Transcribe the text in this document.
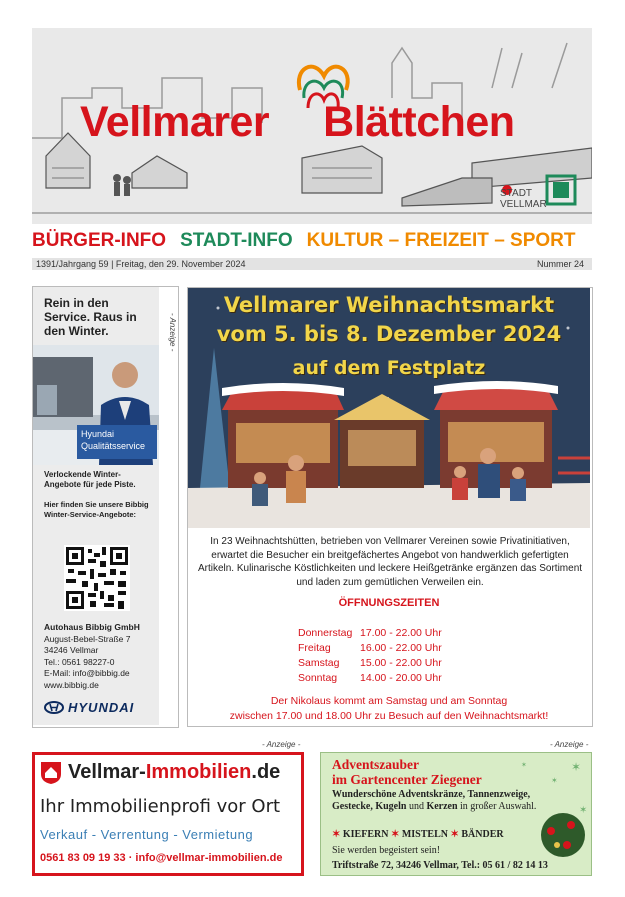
Vellmarer Blättchen
STADT
VELLMAR
BÜRGER-INFO STADT-INFO KULTUR – FREIZEIT – SPORT
1391/Jahrgang 59 | Freitag, den 29. November 2024	Nummer 24
- Anzeige -
Rein in den Service. Raus in den Winter.
Hyundai
Qualitätsservice
Verlockende Winter-Angebote für jede Piste.
Hier finden Sie unsere Bibbig Winter-Service-Angebote:
Autohaus Bibbig GmbH
August-Bebel-Straße 7
34246 Vellmar
Tel.: 0561 98227-0
E-Mail: info@bibbig.de
www.bibbig.de
HYUNDAI
Vellmarer Weihnachtsmarkt
vom 5. bis 8. Dezember 2024
auf dem Festplatz
In 23 Weihnachtshütten, betrieben von Vellmarer Vereinen sowie Privatinitiativen, erwartet die Besucher ein breitgefächertes Angebot von handwerklich gefertigten Artikeln. Kulinarische Köstlichkeiten und leckere Heißgetränke ergänzen das Sortiment und laden zum gemütlichen Verweilen ein.
ÖFFNUNGSZEITEN
Donnerstag 17.00 - 22.00 Uhr
Freitag	16.00 - 22.00 Uhr
Samstag 15.00 - 22.00 Uhr
Sonntag 14.00 - 20.00 Uhr
Der Nikolaus kommt am Samstag und am Sonntag
zwischen 17.00 und 18.00 Uhr zu Besuch auf den Weihnachtsmarkt!
- Anzeige -	- Anzeige -
Vellmar-Immobilien.de
Ihr Immobilienprofi vor Ort
Verkauf - Verrentung - Vermietung
0561 83 09 19 33 · info@vellmar-immobilien.de
✶
✶
✶
✶
Adventszauber
im Gartencenter Ziegener
Wunderschöne Adventskränze, Tannenzweige, Gestecke, Kugeln und Kerzen in großer Auswahl.
✶ KIEFERN ✶ MISTELN ✶ BÄNDER
Sie werden begeistert sein!
Triftstraße 72, 34246 Vellmar, Tel.: 05 61 / 82 14 13
